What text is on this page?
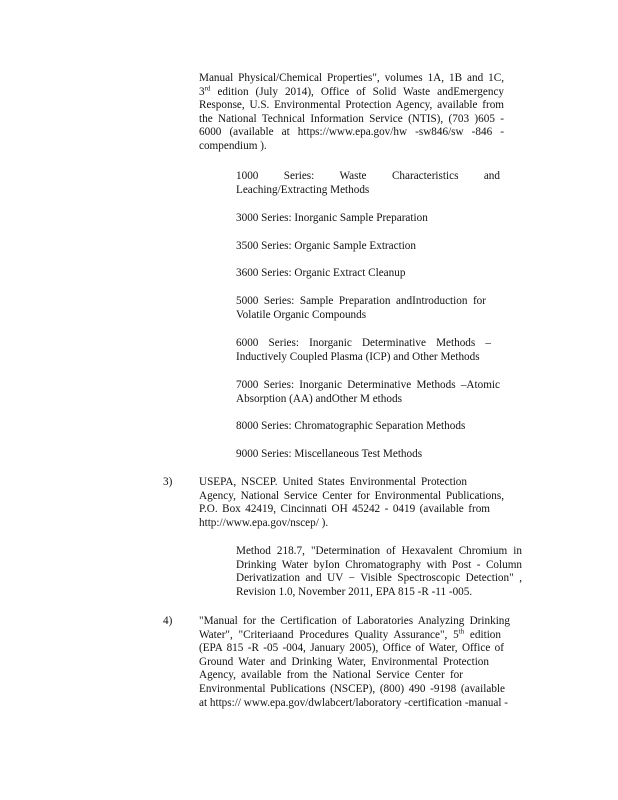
Manual Physical/Chemical Properties", volumes 1A, 1B and 1C,
3rd edition (July 2014), Office of Solid Waste andEmergency
Response, U.S. Environmental Protection Agency, available from
the National Technical Information Service (NTIS), (703 )605 -
6000 (available at https://www.epa.gov/hw -sw846/sw -846 -
compendium ).
1000 Series: Waste Characteristics and
Leaching/Extracting Methods
3000 Series: Inorganic Sample Preparation
3500 Series: Organic Sample Extraction
3600 Series: Organic Extract Cleanup
5000 Series: Sample Preparation andIntroduction for
Volatile Organic Compounds
6000 Series: Inorganic Determinative Methods –
Inductively Coupled Plasma (ICP) and Other Methods
7000 Series: Inorganic Determinative Methods –Atomic
Absorption (AA) andOther M ethods
8000 Series: Chromatographic Separation Methods
9000 Series: Miscellaneous Test Methods
3) USEPA, NSCEP. United States Environmental Protection
Agency, National Service Center for Environmental Publications,
P.O. Box 42419, Cincinnati OH 45242 - 0419 (available from
http://www.epa.gov/nscep/ ).
Method 218.7, "Determination of Hexavalent Chromium in
Drinking Water byIon Chromatography with Post - Column
Derivatization and UV − Visible Spectroscopic Detection" ,
Revision 1.0, November 2011, EPA 815 -R -11 -005.
4) "Manual for the Certification of Laboratories Analyzing Drinking
Water", "Criteriaand Procedures Quality Assurance", 5th edition
(EPA 815 -R -05 -004, January 2005), Office of Water, Office of
Ground Water and Drinking Water, Environmental Protection
Agency, available from the National Service Center for
Environmental Publications (NSCEP), (800) 490 -9198 (available
at https:// www.epa.gov/dwlabcert/laboratory -certification -manual -
